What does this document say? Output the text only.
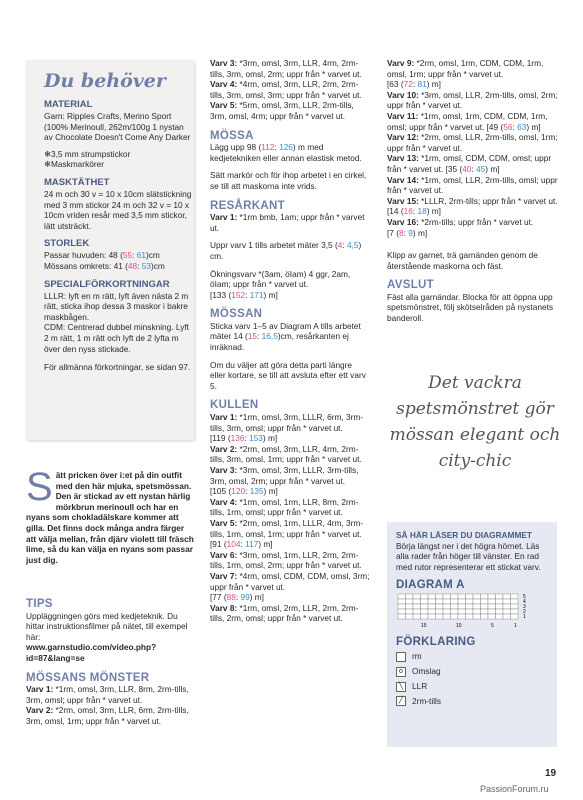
Du behöver
MATERIAL
Garn: Ripples Crafts, Merino Sport (100% Merinoull, 262m/100g 1 nystan av Chocolate Doesn't Come Any Darker
❄3,5 mm strumpstickor
❄Maskmarkörer
MASKTÄTHET
24 m och 30 v = 10 x 10cm slätstickning med 3 mm stickor 24 m och 32 v = 10 x 10cm vriden resår med 3,5 mm stickor, lätt utsträckt.
STORLEK
Passar huvuden: 48 (55: 61)cm
Mössans omkrets: 41 (48: 53)cm
SPECIALFÖRKORTNINGAR
LLLR: lyft en m rätt, lyft även nästa 2 m rätt, sticka ihop dessa 3 maskor i bakre maskbågen.
CDM: Centrerad dubbel minskning. Lyft 2 m rätt, 1 m rätt och lyft de 2 lyfta m över den nyss stickade.
För allmänna förkortningar, se sidan 97.
Sätt pricken över i:et på din outfit med den här mjuka, spetsmössan. Den är stickad av ett nystan härlig mörkbrun merinoull och har en nyans som chokladälskare kommer att gilla. Det finns dock många andra färger att välja mellan, från djärv violett till fräsch lime, så du kan välja en nyans som passar just dig.
TIPS
Uppläggningen görs med kedjeteknik. Du hittar instruktionsfilmer på nätet, till exempel här:
www.garnstudio.com/video.php?id=87&lang=se
MÖSSANS MÖNSTER
Varv 1: *1rm, omsl, 3rm, LLR, 8rm, 2rm-tills, 3rm, omsl; uppr från * varvet ut.
Varv 2: *2rm, omsl, 3rm, LLR, 6rm, 2rm-tills, 3rm, omsl, 1rm; uppr från * varvet ut.
Varv 3: *3rm, omsl, 3rm, LLR, 4rm, 2rm-tills, 3rm, omsl, 2rm; uppr från * varvet ut.
Varv 4: *4rm, omsl, 3rm, LLR, 2rm, 2rm-tills, 3rm, omsl, 3rm; uppr från * varvet ut.
Varv 5: *5rm, omsl, 3rm, LLR, 2rm-tills, 3rm, omsl, 4rm; uppr från * varvet ut.
MÖSSA

Lägg upp 98 (112: 126) m med kedjetekniken eller annan elastisk metod.

Sätt markör och för ihop arbetet i en cirkel, se till att maskorna inte vrids.

RESÅRKANT

Varv 1: *1rm bmb, 1am; uppr från * varvet ut.

Uppr varv 1 tills arbetet mäter 3,5 (4: 4,5) cm.

Ökningsvarv *(3am, öIam) 4 ggr, 2am, öIam; uppr från * varvet ut.

[133 (152: 171) m]

MÖSSAN

Sticka varv 1–5 av Diagram A tills arbetet mäter 14 (15: 16,5)cm, resårkanten ej inräknad.

Om du väljer att göra detta parti längre eller kortare, se till att avsluta efter ett varv 5.

KULLEN
Varv 1: *1rm, omsl, 3rm, LLLR, 6rm, 3rm-tills, 3rm, omsl; uppr från * varvet ut.
[119 (136: 153) m]
Varv 2: *2rm, omsl, 3rm, LLR, 4rm, 2rm-tills, 3rm, omsl, 1rm; uppr från * varvet ut.
Varv 3: *3rm, omsl, 3rm, LLLR, 3rm-tills, 3rm, omsl, 2rm; uppr från * varvet ut.
[105 (120: 135) m]
Varv 4: *1rm, omsl, 1rm, LLR, 8rm, 2rm-tills, 1rm, omsl; uppr från * varvet ut.
Varv 5: *2rm, omsl, 1rm, LLLR, 4rm, 3rm-tills, 1rm, omsl, 1rm; uppr från * varvet ut.
[91 (104: 117) m]
Varv 6: *3rm, omsl, 1rm, LLR, 2rm, 2rm-tills, 1rm, omsl, 2rm; uppr från * varvet ut.
Varv 7: *4rm, omsl, CDM, CDM, omsl, 3rm; uppr från * varvet ut.
[77 (88: 99) m]
Varv 8: *1rm, omsl, 2rm, LLR, 2rm, 2rm-tills, 2rm, omsl; uppr från * varvet ut.
Varv 9: *2rm, omsl, 1rm, CDM, CDM, 1rm, omsl, 1rm; uppr från * varvet ut.
[63 (72: 81) m]
Varv 10: *3rm, omsl, LLR, 2rm-tills, omsl, 2rm; uppr från * varvet ut.
Varv 11: *1rm, omsl, 1rm, CDM, CDM, 1rm, omsl; uppr från * varvet ut. [49 (56: 63) m]
Varv 12: *2rm, omsl, LLR, 2rm-tills, omsl, 1rm; uppr från * varvet ut.
Varv 13: *1rm, omsl, CDM, CDM, omsl; uppr från * varvet ut. [35 (40: 45) m]
Varv 14: *1rm, omsl, LLR, 2rm-tills, omsl; uppr från * varvet ut.
Varv 15: *LLLR, 2rm-tills; uppr från * varvet ut. [14 (16: 18) m]
Varv 16: *2rm-tills; uppr från * varvet ut.

[7 (8: 9) m]

Klipp av garnet, trä garnänden genom de återstående maskorna och fäst.

AVSLUT
Fäst alla garnändar. Blocka för att öppna upp spetsmönstret, följ skötselråden på nystanets banderoll.
Det vackra spetsmönstret gör mössan elegant och city-chic
SÅ HÄR LÄSER DU DIAGRAMMET
Börja längst ner i det högra hörnet. Läs alla rader från höger till vänster. En rad med rutor representerar ett stickat varv.
DIAGRAM A
5
4
3
2
1
15	10	5	1
FÖRKLARING
rm
o Omslag
╲ LLR
╱ 2rm-tills
19
PassionForum.ru
